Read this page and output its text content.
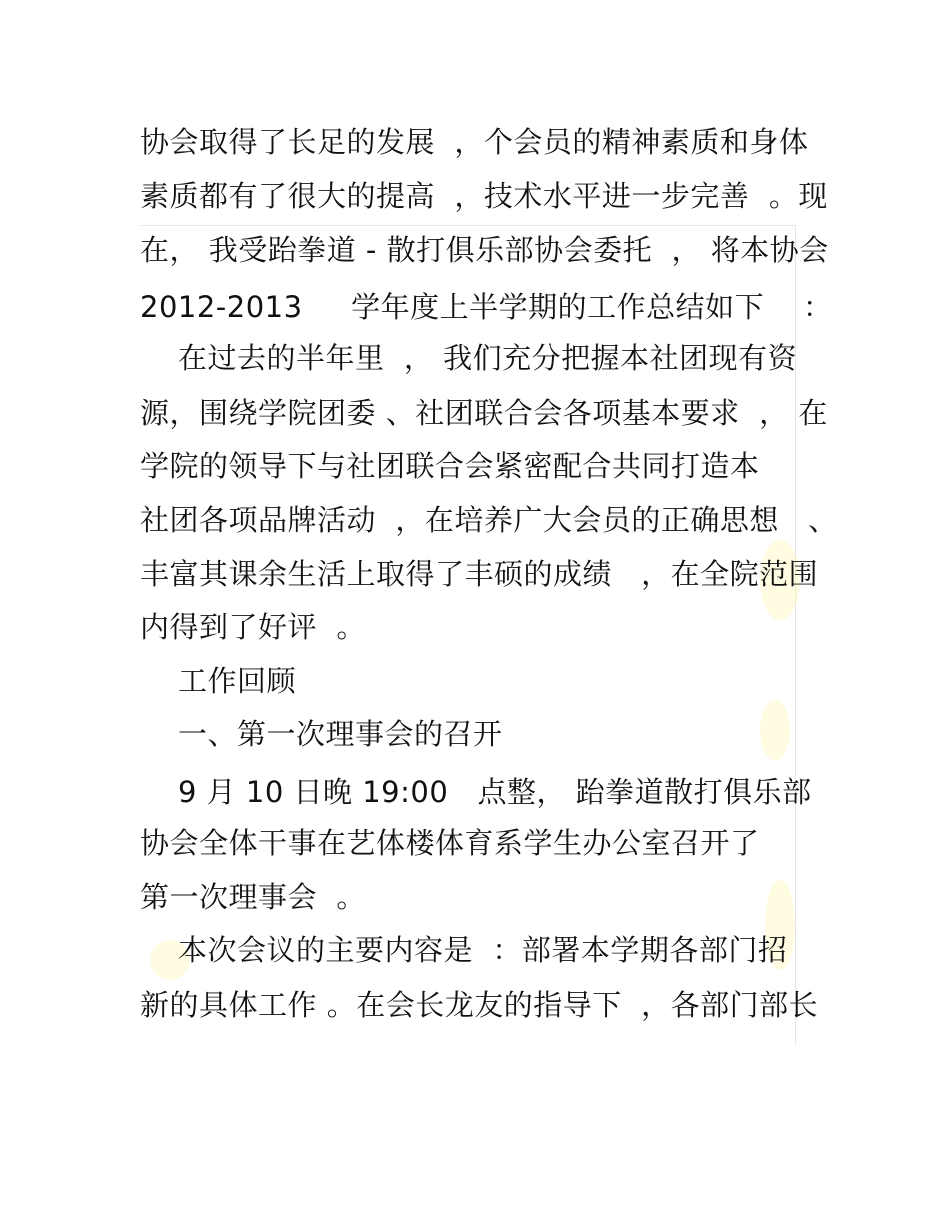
协会取得了长足的发展  ，个会员的精神素质和身体
素质都有了很大的提高  ，技术水平进一步完善  。现
在， 我受跆拳道 - 散打俱乐部协会委托  ， 将本协会
2012-2013     学年度上半学期的工作总结如下    ：
在过去的半年里  ， 我们充分把握本社团现有资
源，围绕学院团委 、社团联合会各项基本要求  ， 在
学院的领导下与社团联合会紧密配合共同打造本
社团各项品牌活动  ，在培养广大会员的正确思想   、
丰富其课余生活上取得了丰硕的成绩   ，在全院范围
内得到了好评  。
工作回顾
一、第一次理事会的召开
9 月 10 日晚 19:00   点整， 跆拳道散打俱乐部
协会全体干事在艺体楼体育系学生办公室召开了
第一次理事会  。
本次会议的主要内容是  ：部署本学期各部门招
新的具体工作 。在会长龙友的指导下  ，各部门部长
